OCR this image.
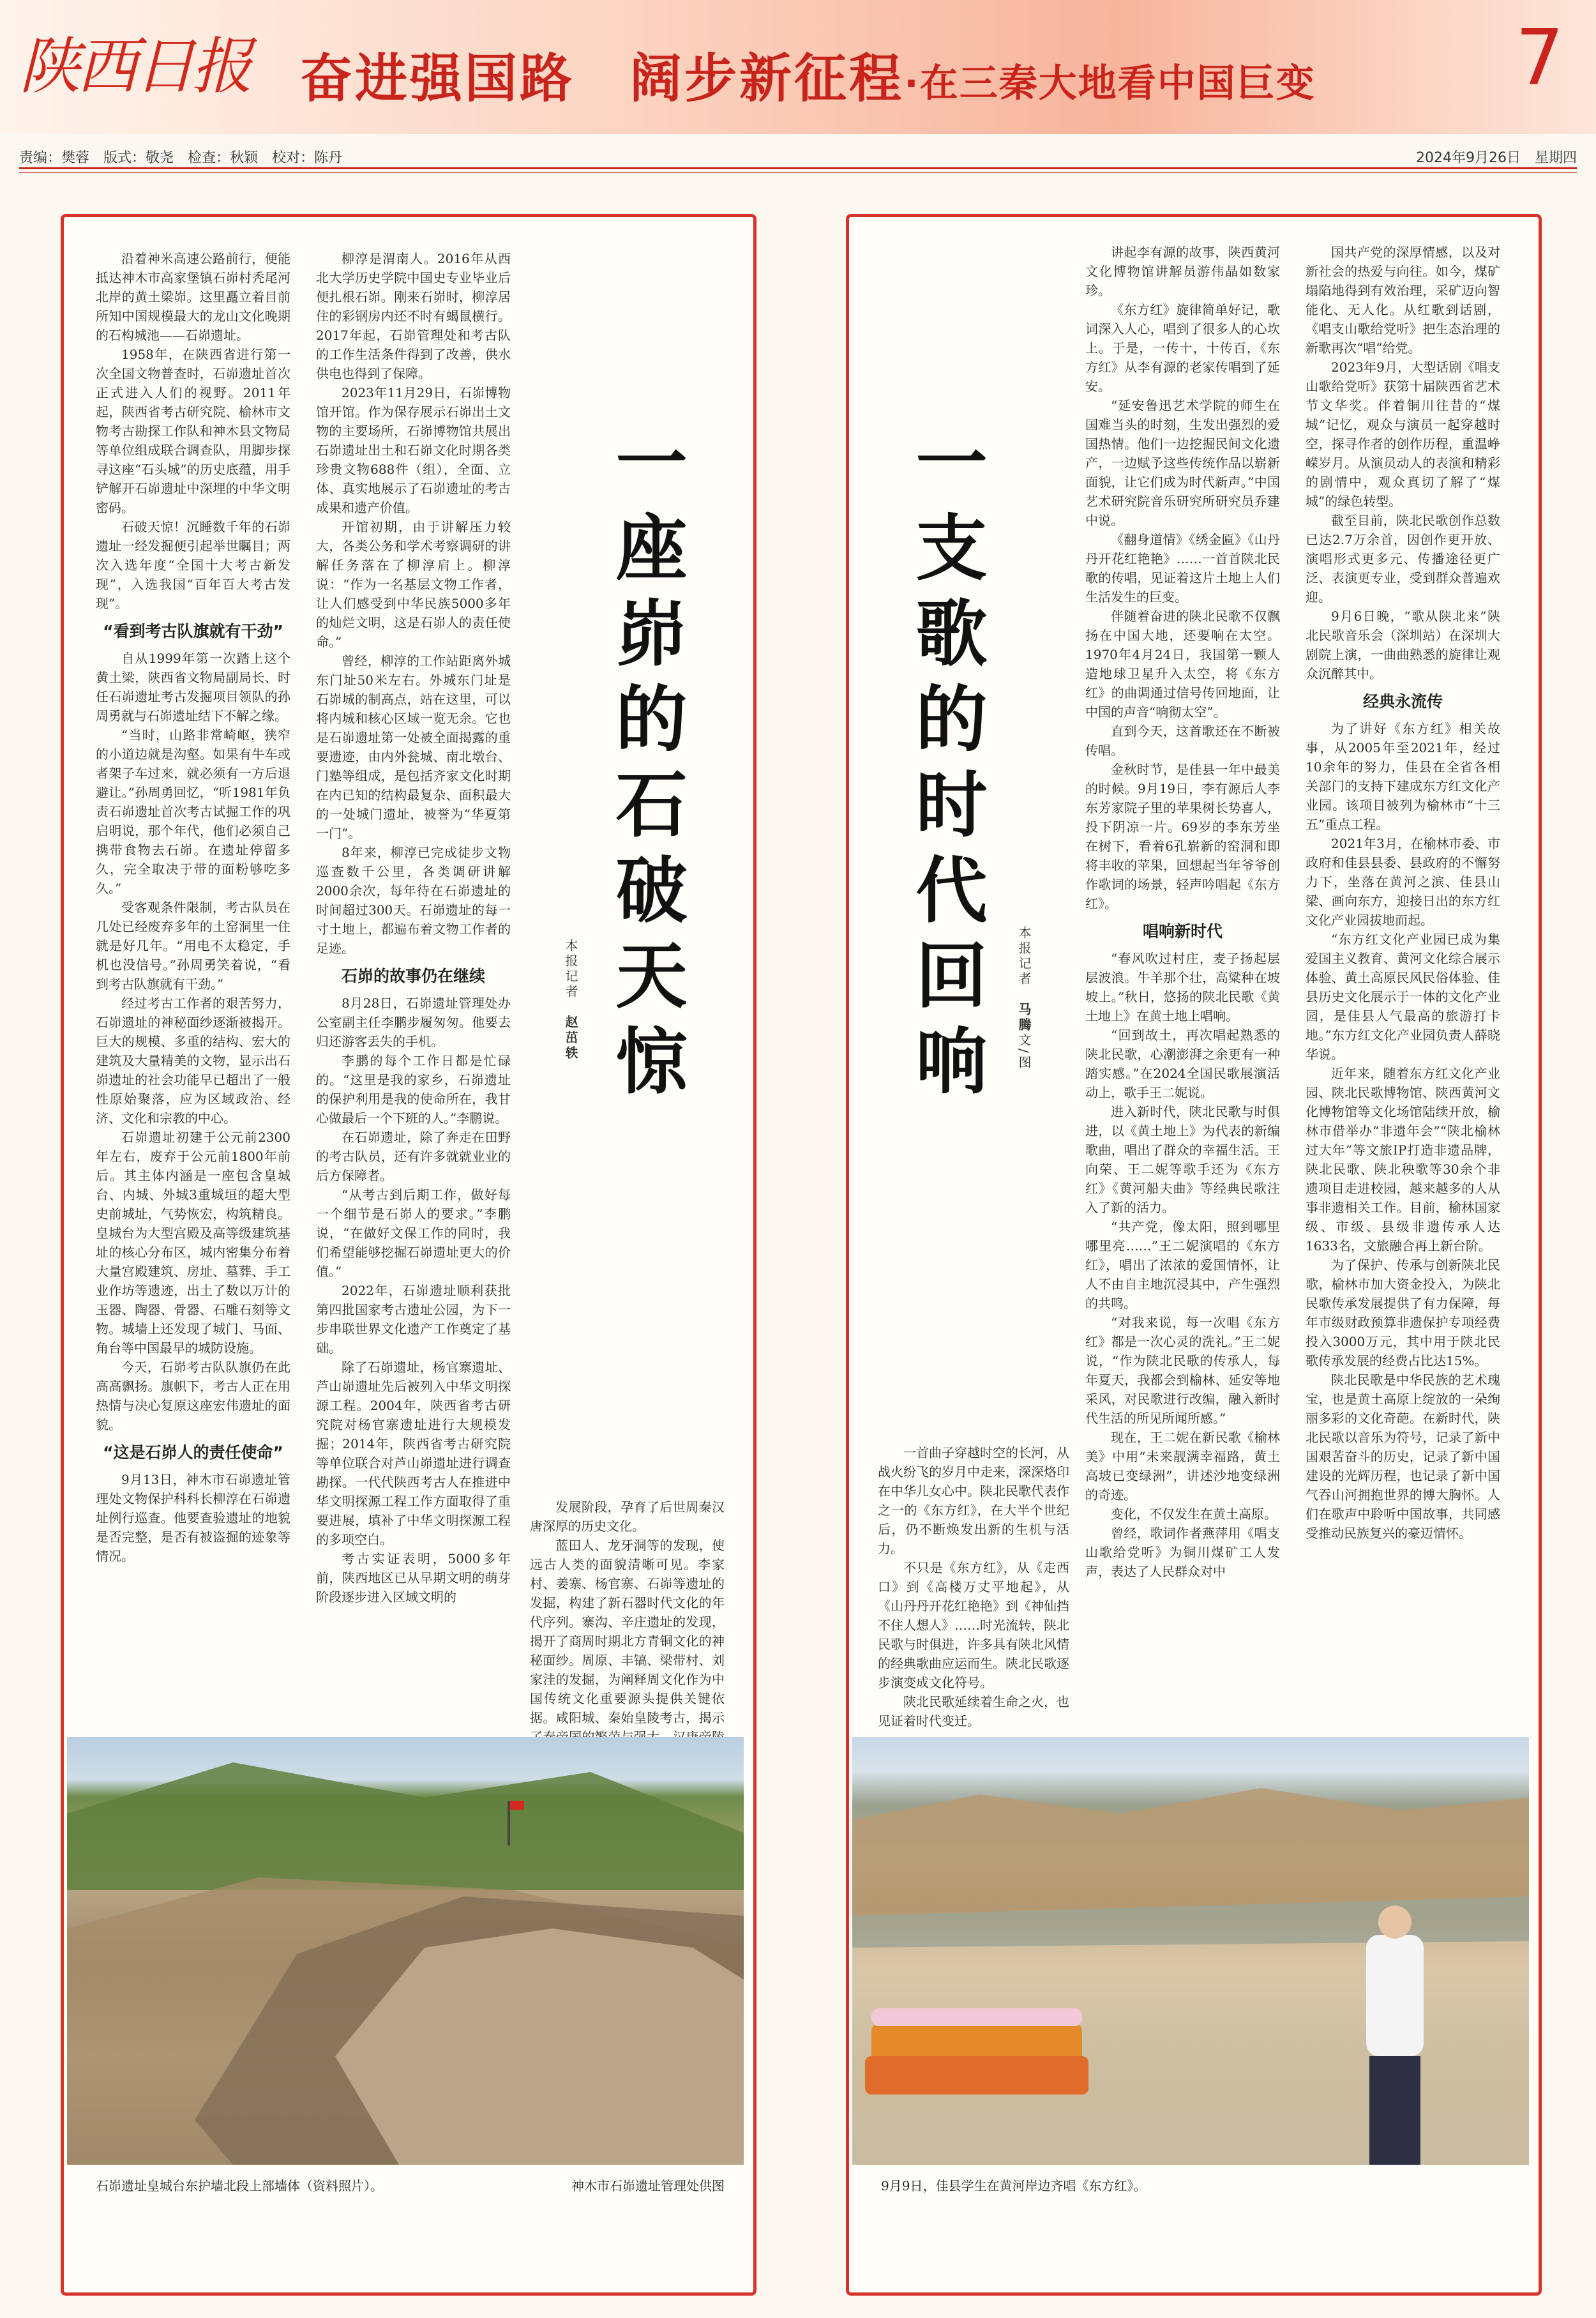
陕西日报 奋进强国路　阔步新征程·在三秦大地看中国巨变	7
责编：樊蓉　版式：敬尧　检查：秋颖　校对：陈丹	2024年9月26日　星期四

沿着神米高速公路前行，便能抵达神木市高家堡镇石峁村秃尾河北岸的黄土梁峁。这里矗立着目前所知中国规模最大的龙山文化晚期的石构城池——石峁遗址。

1958年，在陕西省进行第一次全国文物普查时，石峁遗址首次正式进入人们的视野。2011年起，陕西省考古研究院、榆林市文物考古勘探工作队和神木县文物局等单位组成联合调查队，用脚步探寻这座“石头城”的历史底蕴，用手铲解开石峁遗址中深埋的中华文明密码。

石破天惊！沉睡数千年的石峁遗址一经发掘便引起举世瞩目；两次入选年度“全国十大考古新发现”，入选我国“百年百大考古发现”。

“看到考古队旗就有干劲”

自从1999年第一次踏上这个黄土梁，陕西省文物局副局长、时任石峁遗址考古发掘项目领队的孙周勇就与石峁遗址结下不解之缘。

“当时，山路非常崎岖，狭窄的小道边就是沟壑。如果有牛车或者架子车过来，就必须有一方后退避让。”孙周勇回忆，“听1981年负责石峁遗址首次考古试掘工作的巩启明说，那个年代，他们必须自己携带食物去石峁。在遗址停留多久，完全取决于带的面粉够吃多久。”

受客观条件限制，考古队员在几处已经废弃多年的土窑洞里一住就是好几年。“用电不太稳定，手机也没信号。”孙周勇笑着说，“看到考古队旗就有干劲。”

经过考古工作者的艰苦努力，石峁遗址的神秘面纱逐渐被揭开。巨大的规模、多重的结构、宏大的建筑及大量精美的文物，显示出石峁遗址的社会功能早已超出了一般性原始聚落，应为区域政治、经济、文化和宗教的中心。

石峁遗址初建于公元前2300年左右，废弃于公元前1800年前后。其主体内涵是一座包含皇城台、内城、外城3重城垣的超大型史前城址，气势恢宏，构筑精良。皇城台为大型宫殿及高等级建筑基址的核心分布区，城内密集分布着大量宫殿建筑、房址、墓葬、手工业作坊等遗迹，出土了数以万计的玉器、陶器、骨器、石雕石刻等文物。城墙上还发现了城门、马面、角台等中国最早的城防设施。

今天，石峁考古队队旗仍在此高高飘扬。旗帜下，考古人正在用热情与决心复原这座宏伟遗址的面貌。

“这是石峁人的责任使命”

9月13日，神木市石峁遗址管理处文物保护科科长柳淳在石峁遗址例行巡查。他要查验遗址的地貌是否完整，是否有被盗掘的迹象等情况。

柳淳是渭南人。2016年从西北大学历史学院中国史专业毕业后便扎根石峁。刚来石峁时，柳淳居住的彩钢房内还不时有蝎鼠横行。2017年起，石峁管理处和考古队的工作生活条件得到了改善，供水供电也得到了保障。

2023年11月29日，石峁博物馆开馆。作为保存展示石峁出土文物的主要场所，石峁博物馆共展出石峁遗址出土和石峁文化时期各类珍贵文物688件（组），全面、立体、真实地展示了石峁遗址的考古成果和遗产价值。

开馆初期，由于讲解压力较大，各类公务和学术考察调研的讲解任务落在了柳淳肩上。柳淳说：“作为一名基层文物工作者，让人们感受到中华民族5000多年的灿烂文明，这是石峁人的责任使命。”

曾经，柳淳的工作站距离外城东门址50米左右。外城东门址是石峁城的制高点，站在这里，可以将内城和核心区域一览无余。它也是石峁遗址第一处被全面揭露的重要遗迹，由内外瓮城、南北墩台、门塾等组成，是包括齐家文化时期在内已知的结构最复杂、面积最大的一处城门遗址，被誉为“华夏第一门”。

8年来，柳淳已完成徒步文物巡查数千公里，各类调研讲解2000余次，每年待在石峁遗址的时间超过300天。石峁遗址的每一寸土地上，都遍布着文物工作者的足迹。

石峁的故事仍在继续

8月28日，石峁遗址管理处办公室副主任李鹏步履匆匆。他要去归还游客丢失的手机。

李鹏的每个工作日都是忙碌的。“这里是我的家乡，石峁遗址的保护利用是我的使命所在，我甘心做最后一个下班的人。”李鹏说。

在石峁遗址，除了奔走在田野的考古队员，还有许多就就业业的后方保障者。

“从考古到后期工作，做好每一个细节是石峁人的要求。”李鹏说，“在做好文保工作的同时，我们希望能够挖掘石峁遗址更大的价值。”

2022年，石峁遗址顺利获批第四批国家考古遗址公园，为下一步串联世界文化遗产工作奠定了基础。

除了石峁遗址，杨官寨遗址、芦山峁遗址先后被列入中华文明探源工程。2004年，陕西省考古研究院对杨官寨遗址进行大规模发掘；2014年，陕西省考古研究院等单位联合对芦山峁遗址进行调查勘探。一代代陕西考古人在推进中华文明探源工程工作方面取得了重要进展，填补了中华文明探源工程的多项空白。

考古实证表明，5000多年前，陕西地区已从早期文明的萌芽阶段逐步进入区域文明的

一座峁的石破天惊
本报记者　赵茁轶

发展阶段，孕育了后世周秦汉唐深厚的历史文化。

蓝田人、龙牙洞等的发现，使远古人类的面貌清晰可见。李家村、姜寨、杨官寨、石峁等遗址的发掘，构建了新石器时代文化的年代序列。寨沟、辛庄遗址的发现，揭开了商周时期北方青铜文化的神秘面纱。周原、丰镐、梁带村、刘家洼的发掘，为阐释周文化作为中国传统文化重要源头提供关键依据。咸阳城、秦始皇陵考古，揭示

石峁遗址皇城台东护墙北段上部墙体（资料照片）。	神木市石峁遗址管理处供图
一支歌的时代回响 本报记者　马腾文/图

一首曲子穿越时空的长河，从战火纷飞的岁月中走来，深深烙印在中华儿女心中。陕北民歌代表作之一的《东方红》，在大半个世纪后，仍不断焕发出新的生机与活力。

不只是《东方红》，从《走西口》到《高楼万丈平地起》，从《山丹丹开花红艳艳》到《神仙挡不住人想人》……时光流转，陕北民歌与时俱进，许多具有陕北风情的经典歌曲应运而生。陕北民歌逐步演变成文化符号。

陕北民歌延续着生命之火，也见证着时代变迁。

讲起李有源的故事，陕西黄河文化博物馆讲解员游伟晶如数家珍。

《东方红》旋律简单好记，歌词深入人心，唱到了很多人的心坎上。于是，一传十，十传百，《东方红》从李有源的老家传唱到了延安。

“延安鲁迅艺术学院的师生在国难当头的时刻，生发出强烈的爱国热情。他们一边挖掘民间文化遗产，一边赋予这些传统作品以崭新面貌，让它们成为时代新声。”中国艺术研究院音乐研究所研究员乔建中说。

《翻身道情》《绣金匾》《山丹丹开花红艳艳》……一首首陕北民歌的传唱，见证着这片土地上人们生活发生的巨变。

伴随着奋进的陕北民歌不仅飘扬在中国大地，还要响在太空。1970年4月24日，我国第一颗人造地球卫星升入太空，将《东方红》的曲调通过信号传回地面，让中国的声音“响彻太空”。

直到今天，这首歌还在不断被传唱。

金秋时节，是佳县一年中最美的时候。9月19日，李有源后人李东芳家院子里的苹果树长势喜人，投下阴凉一片。69岁的李东芳坐在树下，看着6孔崭新的窑洞和即将丰收的苹果，回想起当年爷爷创作歌词的场景，轻声吟唱起《东方红》。

唱响新时代

“春风吹过村庄，麦子扬起层层波浪。牛羊那个壮，高粱种在坡坡上。”秋日，悠扬的陕北民歌《黄土地上》在黄土地上唱响。

“回到故土，再次唱起熟悉的陕北民歌，心潮澎湃之余更有一种踏实感。”在2024全国民歌展演活动上，歌手王二妮说。

进入新时代，陕北民歌与时俱进，以《黄土地上》为代表的新编歌曲，唱出了群众的幸福生活。王向荣、王二妮等歌手还为《东方红》《黄河船夫曲》等经典民歌注入了新的活力。

“共产党，像太阳，照到哪里哪里亮……”王二妮演唱的《东方红》，唱出了浓浓的爱国情怀，让人不由自主地沉浸其中，产生强烈的共鸣。

“对我来说，每一次唱《东方红》都是一次心灵的洗礼。”王二妮说，“作为陕北民歌的传承人，每年夏天，我都会到榆林、延安等地采风，对民歌进行改编，融入新时代生活的所见所闻所感。”

现在，王二妮在新民歌《榆林美》中用“未来靓满幸福路，黄土高坡已变绿洲”，讲述沙地变绿洲的奇迹。

变化，不仅发生在黄土高原。

曾经，歌词作者燕萍用《唱支山歌给党听》为铜川煤矿工人发声，表达了人民群众对中

国共产党的深厚情感，以及对新社会的热爱与向往。如今，煤矿塌陷地得到有效治理，采矿迈向智能化、无人化。从红歌到话剧，《唱支山歌给党听》把生态治理的新歌再次“唱”给党。

2023年9月，大型话剧《唱支山歌给党听》获第十届陕西省艺术节文华奖。伴着铜川往昔的“煤城”记忆，观众与演员一起穿越时空，探寻作者的创作历程，重温峥嵘岁月。从演员动人的表演和精彩的剧情中，观众真切了解了“煤城”的绿色转型。

截至目前，陕北民歌创作总数已达2.7万余首，因创作更开放、演唱形式更多元、传播途径更广泛、表演更专业，受到群众普遍欢迎。

9月6日晚，“歌从陕北来”陕北民歌音乐会（深圳站）在深圳大剧院上演，一曲曲熟悉的旋律让观众沉醉其中。

经典永流传

为了讲好《东方红》相关故事，从2005年至2021年，经过10余年的努力，佳县在全省各相关部门的支持下建成东方红文化产业园。该项目被列为榆林市“十三五”重点工程。

2021年3月，在榆林市委、市政府和佳县县委、县政府的不懈努力下，坐落在黄河之滨、佳县山梁、画向东方，迎接日出的东方红文化产业园拔地而起。

“东方红文化产业园已成为集爱国主义教育、黄河文化综合展示体验、黄土高原民风民俗体验、佳县历史文化展示于一体的文化产业园，是佳县人气最高的旅游打卡地。”东方红文化产业园负责人薛晓华说。

近年来，随着东方红文化产业园、陕北民歌博物馆、陕西黄河文化博物馆等文化场馆陆续开放，榆林市借举办“非遗年会”“陕北榆林过大年”等文旅IP打造非遗品牌，陕北民歌、陕北秧歌等30余个非遗项目走进校园，越来越多的人从事非遗相关工作。目前，榆林国家级、市级、县级非遗传承人达1633名，文旅融合再上新台阶。

为了保护、传承与创新陕北民歌，榆林市加大资金投入，为陕北民歌传承发展提供了有力保障，每年市级财政预算非遗保护专项经费投入3000万元，其中用于陕北民歌传承发展的经费占比达15%。

陕北民歌是中华民族的艺术瑰宝，也是黄土高原上绽放的一朵绚丽多彩的文化奇葩。在新时代，陕北民歌以音乐为符号，记录了新中国艰苦奋斗的历史，记录了新中国建设的光辉历程，也记录了新中国气吞山河拥抱世界的博大胸怀。人们在歌声中聆听中国故事，共同感受推动民族复兴的豪迈情怀。

9月9日，佳县学生在黄河岸边齐唱《东方红》。
